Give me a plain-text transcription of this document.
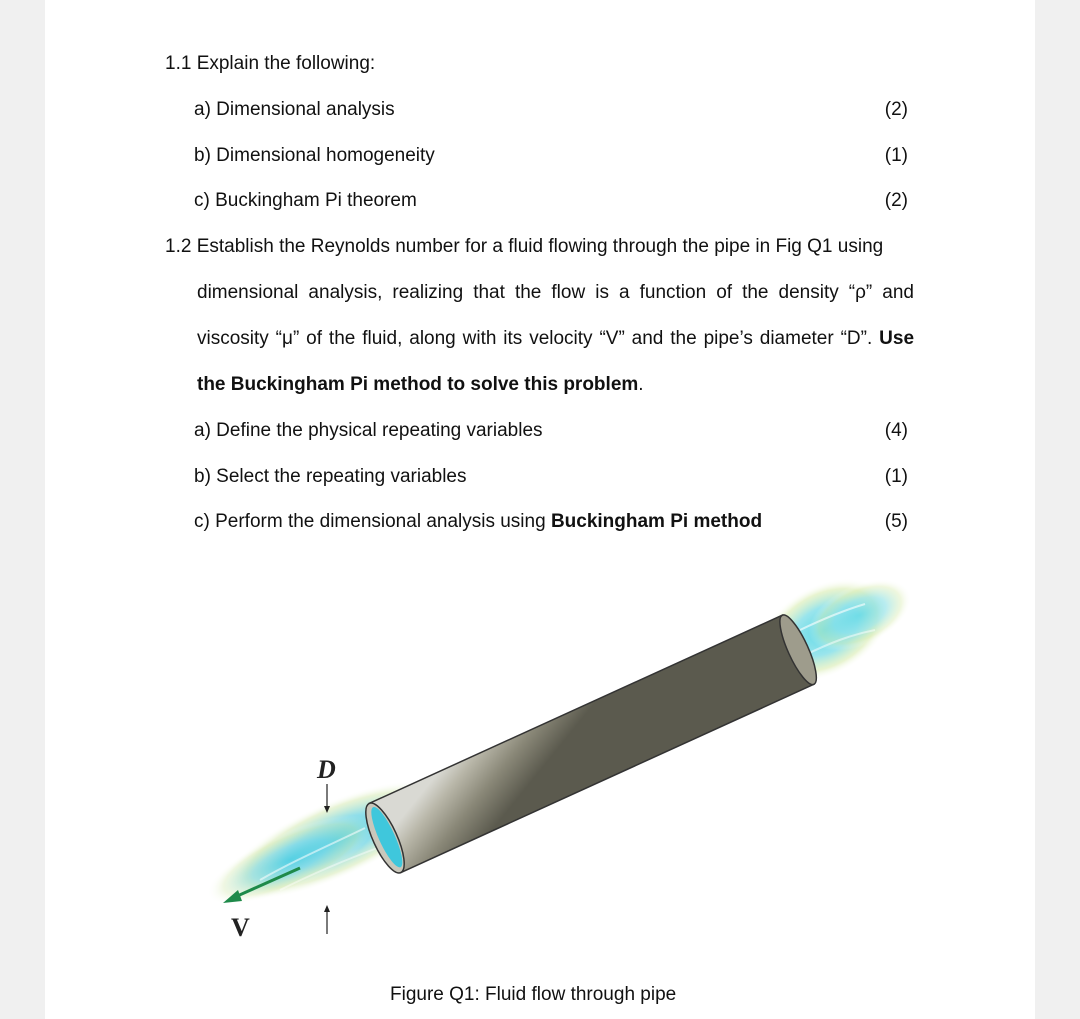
1.1 Explain the following:
a) Dimensional analysis	(2)
b) Dimensional homogeneity	(1)
c) Buckingham Pi theorem	(2)
1.2 Establish the Reynolds number for a fluid flowing through the pipe in Fig Q1 using
dimensional analysis, realizing that the flow is a function of the density “ρ” and
viscosity “μ” of the fluid, along with its velocity “V” and the pipe’s diameter “D”. Use
the Buckingham Pi method to solve this problem.
a) Define the physical repeating variables	(4)
b) Select the repeating variables	(1)
c) Perform the dimensional analysis using Buckingham Pi method	(5)
D
V
Figure Q1: Fluid flow through pipe
